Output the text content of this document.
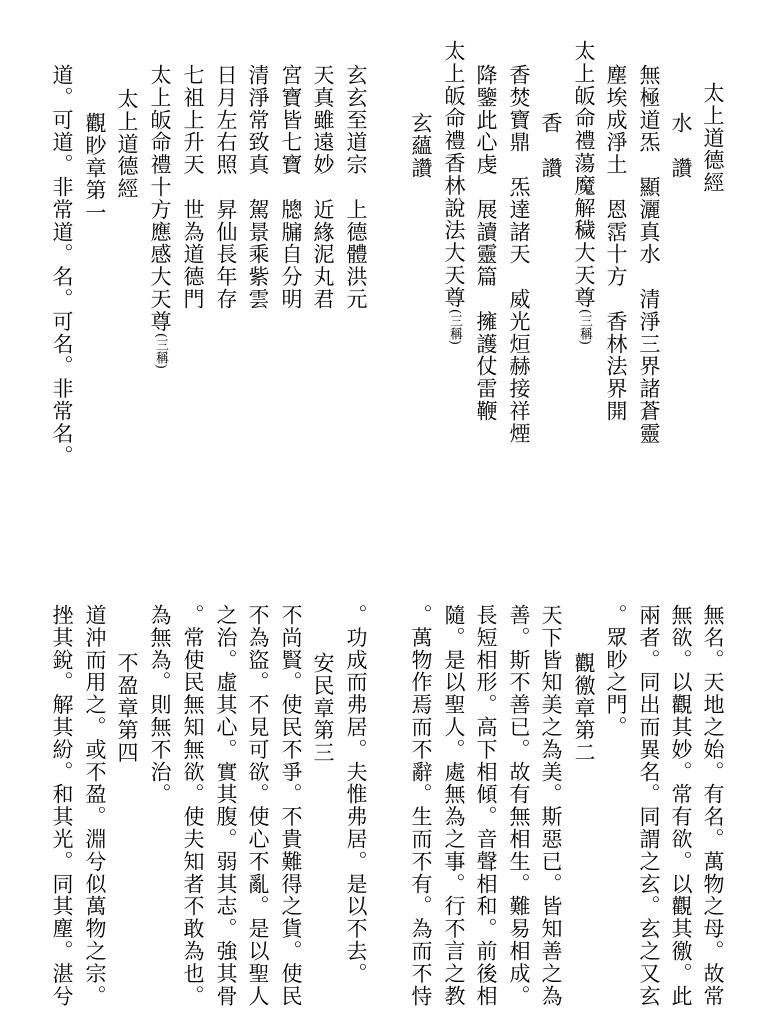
太上道德經
水　讚
無極道炁　顯灑真水　清淨三界諸蒼靈
塵埃成淨土　恩霑十方　香林法界開
太上皈命禮蕩魔解穢大天尊(三稱)
香　讚
香焚寶鼎　炁達諸天　威光烜赫接祥煙
降鑒此心虔　展讀靈篇　擁護仗雷鞭
太上皈命禮香林說法大天尊(三稱)
玄蘊讚
玄玄至道宗　上德體洪元
天真雖遠妙　近緣泥丸君
宮寶皆七寶　牕牖自分明
清淨常致真　駕景乘紫雲
日月左右照　昇仙長年存
七祖上升天　世為道德門
太上皈命禮十方應感大天尊(三稱)
太上道德經
觀眇章第一
道。可道。非常道。名。可名。非常名。
無名。天地之始。有名。萬物之母。故常
無欲。以觀其妙。常有欲。以觀其徼。此
兩者。同出而異名。同謂之玄。玄之又玄
。眾眇之門。
觀徼章第二
天下皆知美之為美。斯惡已。皆知善之為
善。斯不善已。故有無相生。難易相成。
長短相形。高下相傾。音聲相和。前後相
隨。是以聖人。處無為之事。行不言之教
。萬物作焉而不辭。生而不有。為而不恃
。功成而弗居。夫惟弗居。是以不去。
安民章第三
不尚賢。使民不爭。不貴難得之貨。使民
不為盜。不見可欲。使心不亂。是以聖人
之治。虛其心。實其腹。弱其志。強其骨
。常使民無知無欲。使夫知者不敢為也。
為無為。則無不治。
不盈章第四
道沖而用之。或不盈。淵兮似萬物之宗。
挫其銳。解其紛。和其光。同其塵。湛兮
